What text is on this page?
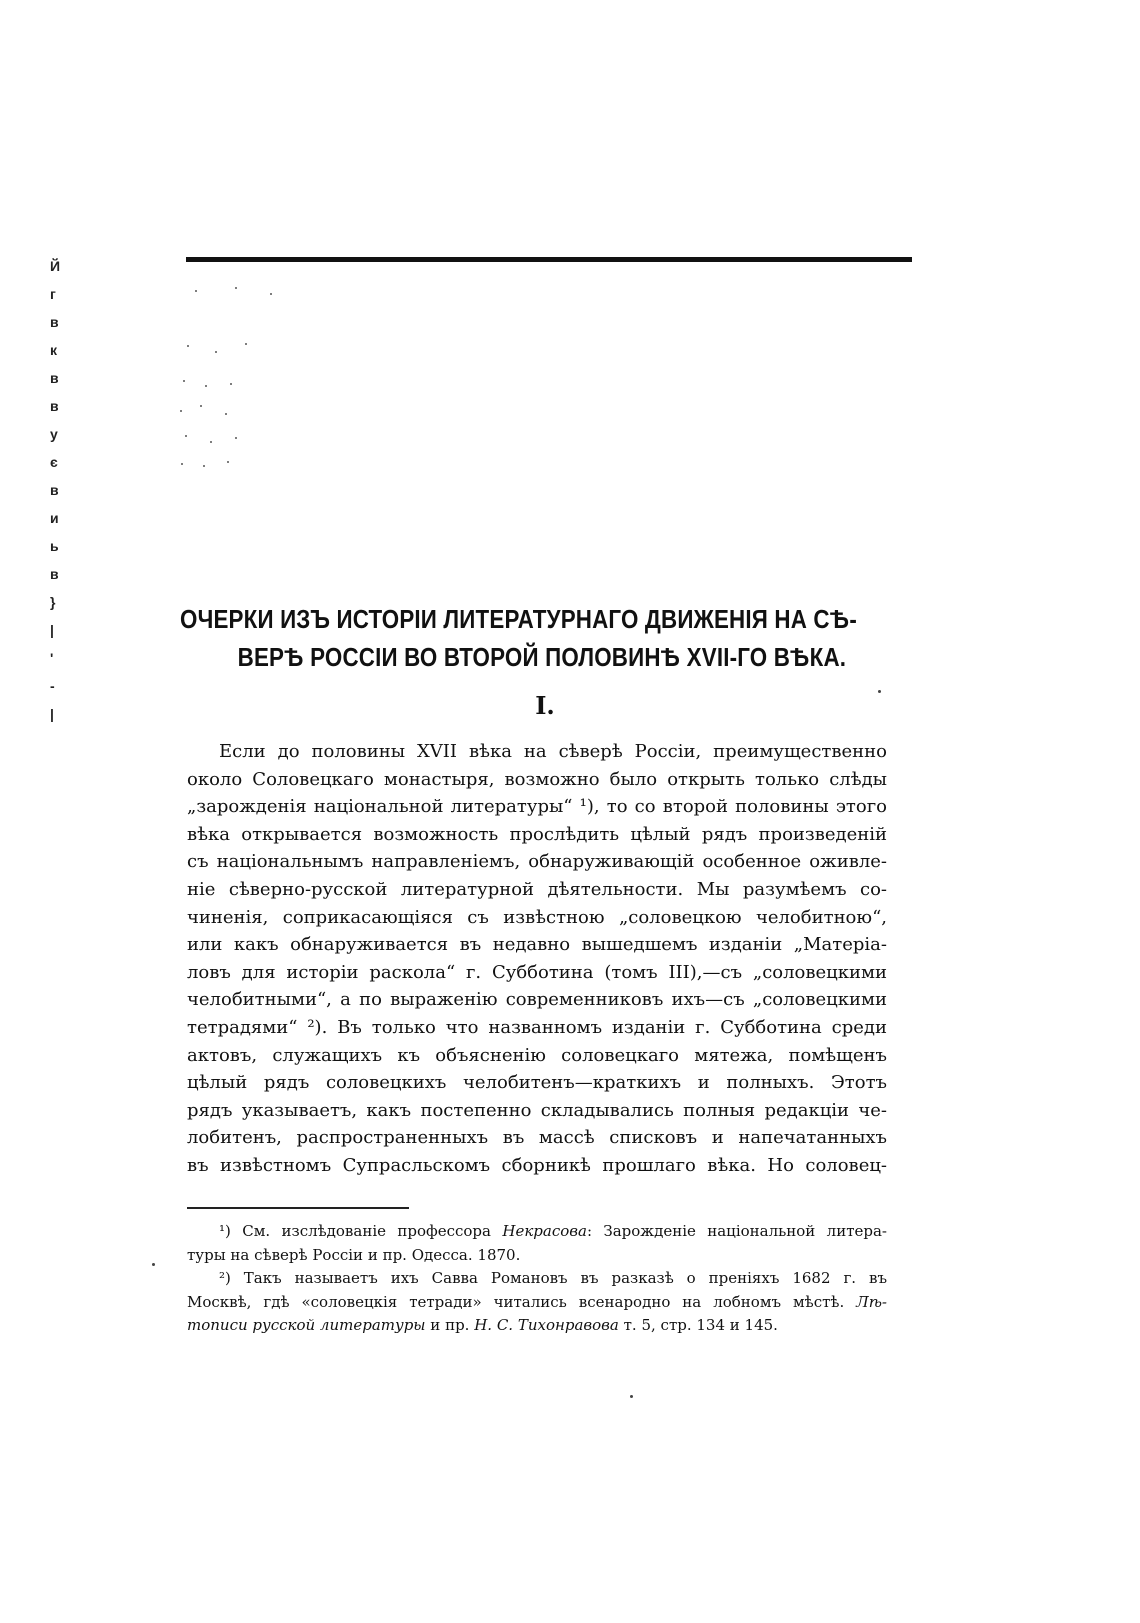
Й
г
в
к
в
в
у
є
в
и
ь
в
}
|
'
-
|
ОЧЕРКИ ИЗЪ ИСТОРІИ ЛИТЕРАТУРНАГО ДВИЖЕНІЯ НА СѢ-
ВЕРѢ РОССІИ ВО ВТОРОЙ ПОЛОВИНѢ XVII-ГО ВѢКА.
I.
Если до половины XVII вѣка на сѣверѣ Россіи, преимущественно
около Соловецкаго монастыря, возможно было открыть только слѣды
„зарожденія національной литературы“ ¹), то со второй половины этого
вѣка открывается возможность прослѣдить цѣлый рядъ произведеній
съ національнымъ направленіемъ, обнаруживающій особенное оживле-
ніе сѣверно-русской литературной дѣятельности. Мы разумѣемъ со-
чиненія, соприкасающіяся съ извѣстною „соловецкою челобитною“,
или какъ обнаруживается въ недавно вышедшемъ изданіи „Матеріа-
ловъ для исторіи раскола“ г. Субботина (томъ III),—съ „соловецкими
челобитными“, а по выраженію современниковъ ихъ—съ „соловецкими
тетрадями“ ²). Въ только что названномъ изданіи г. Субботина среди
актовъ, служащихъ къ объясненію соловецкаго мятежа, помѣщенъ
цѣлый рядъ соловецкихъ челобитенъ—краткихъ и полныхъ. Этотъ
рядъ указываетъ, какъ постепенно складывались полныя редакціи че-
лобитенъ, распространенныхъ въ массѣ списковъ и напечатанныхъ
въ извѣстномъ Супрасльскомъ сборникѣ прошлаго вѣка. Но соловец-
¹) См. изслѣдованіе профессора Некрасова: Зарожденіе національной литера-
туры на сѣверѣ Россіи и пр. Одесса. 1870.
²) Такъ называетъ ихъ Савва Романовъ въ разказѣ о преніяхъ 1682 г. въ
Москвѣ, гдѣ «соловецкія тетради» читались всенародно на лобномъ мѣстѣ. Лѣ-
тописи русской литературы и пр. Н. С. Тихонравова т. 5, стр. 134 и 145.
